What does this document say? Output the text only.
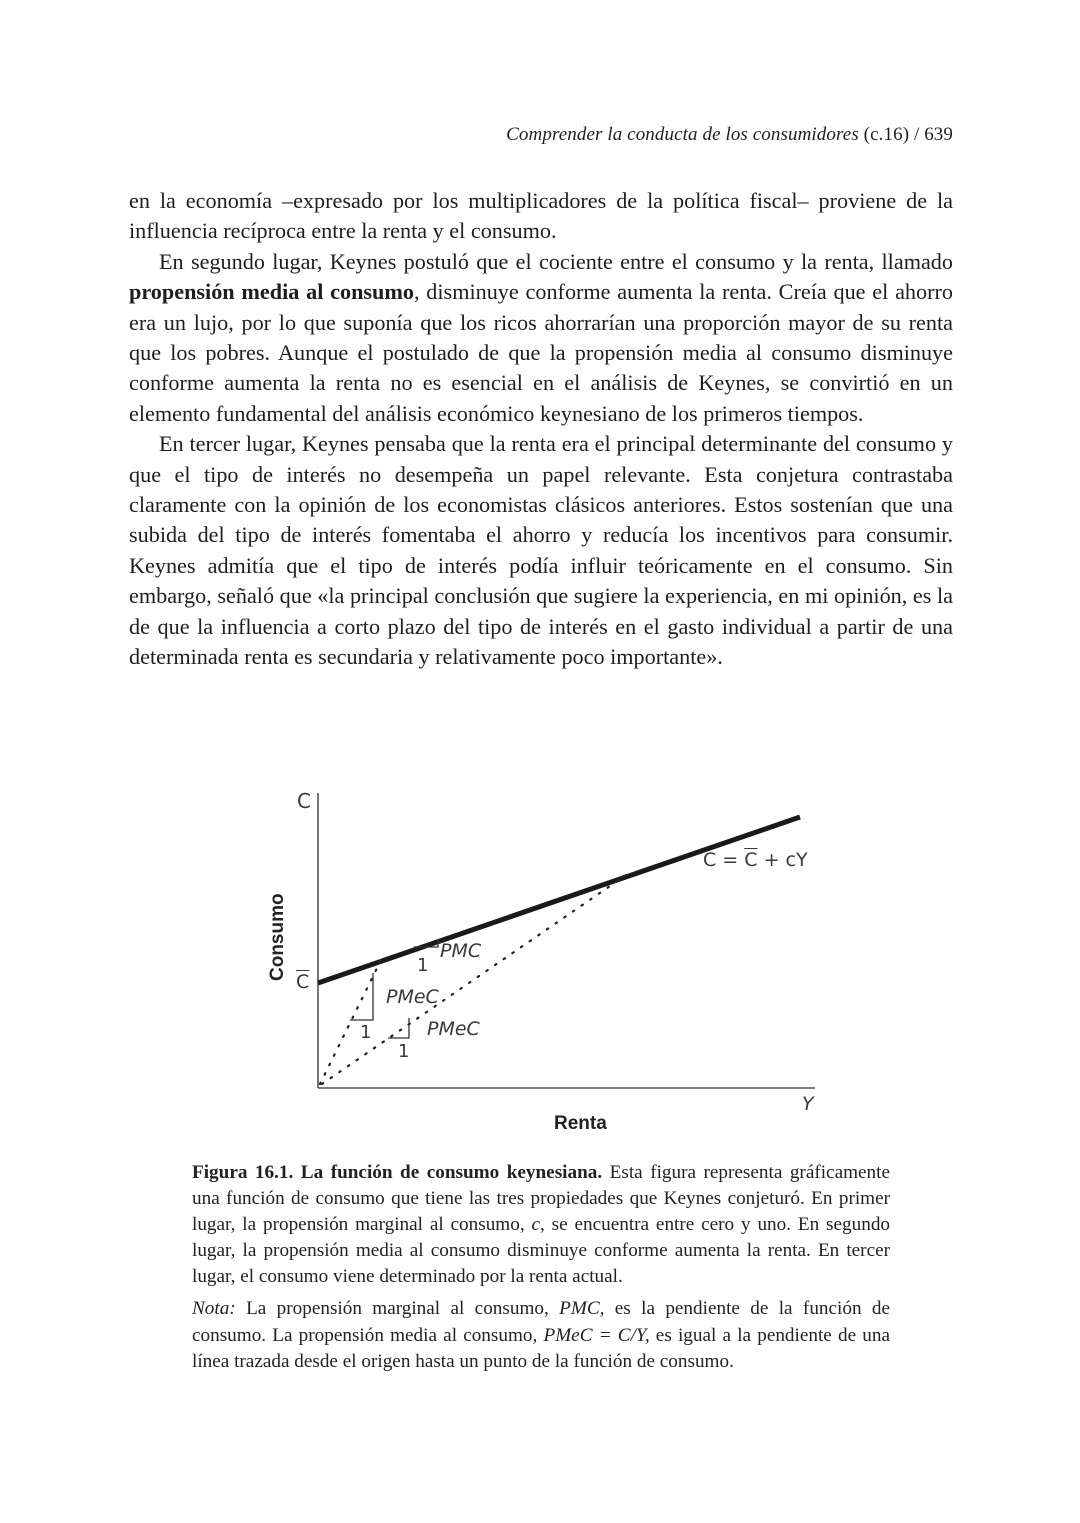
Comprender la conducta de los consumidores (c.16) / 639

en la economía –expresado por los multiplicadores de la política fiscal– proviene de la influencia recíproca entre la renta y el consumo.

En segundo lugar, Keynes postuló que el cociente entre el consumo y la renta, llamado propensión media al consumo, disminuye conforme aumenta la renta. Creía que el ahorro era un lujo, por lo que suponía que los ricos ahorrarían una proporción mayor de su renta que los pobres. Aunque el postulado de que la propensión media al consumo disminuye conforme aumenta la renta no es esencial en el análisis de Keynes, se convirtió en un elemento fundamental del análisis económico keynesiano de los primeros tiempos.

En tercer lugar, Keynes pensaba que la renta era el principal determinante del consumo y que el tipo de interés no desempeña un papel relevante. Esta conjetura contrastaba claramente con la opinión de los economistas clásicos anteriores. Estos sostenían que una subida del tipo de interés fomentaba el ahorro y reducía los incentivos para consumir. Keynes admitía que el tipo de interés podía influir teóricamente en el consumo. Sin embargo, señaló que «la principal conclusión que sugiere la experiencia, en mi opinión, es la de que la influencia a corto plazo del tipo de interés en el gasto individual a partir de una determinada renta es secundaria y relativamente poco importante».

C
Consumo
$\overline{C}$
Y
Renta
$C = \overline{C}$ + cY
PMC
1
PMeC
1	PMeC
1

Figura 16.1. La función de consumo keynesiana. Esta figura representa gráficamente una función de consumo que tiene las tres propiedades que Keynes conjeturó. En primer lugar, la propensión marginal al consumo, c, se encuentra entre cero y uno. En segundo lugar, la propensión media al consumo disminuye conforme aumenta la renta. En tercer lugar, el consumo viene determinado por la renta actual.

Nota: La propensión marginal al consumo, PMC, es la pendiente de la función de consumo. La propensión media al consumo, PMeC = C/Y, es igual a la pendiente de una línea trazada desde el origen hasta un punto de la función de consumo.
